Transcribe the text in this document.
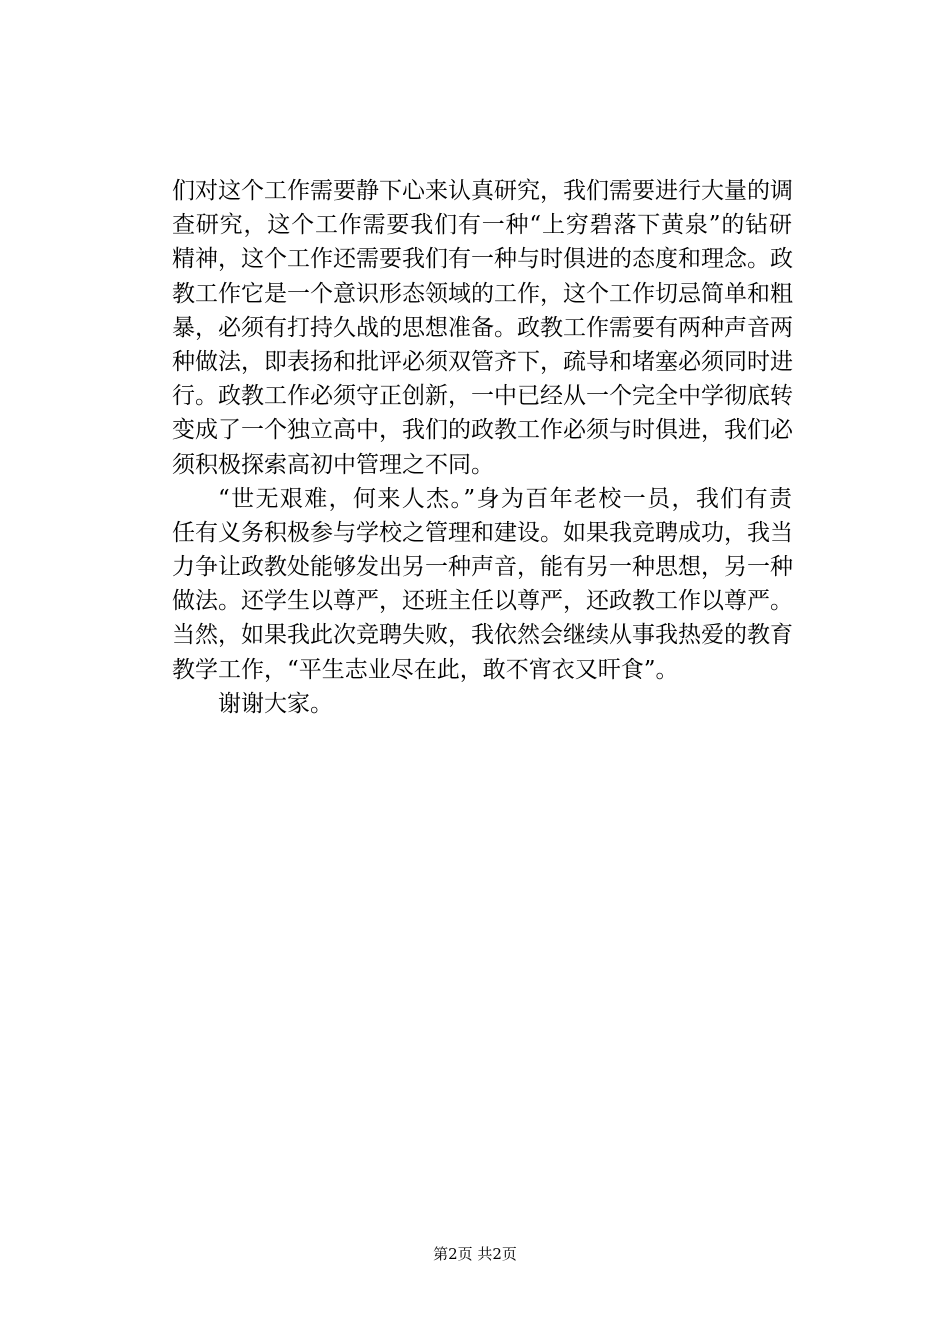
们对这个工作需要静下心来认真研究，我们需要进行大量的调
查研究，这个工作需要我们有一种“上穷碧落下黄泉”的钻研
精神，这个工作还需要我们有一种与时俱进的态度和理念。政
教工作它是一个意识形态领域的工作，这个工作切忌简单和粗
暴，必须有打持久战的思想准备。政教工作需要有两种声音两
种做法，即表扬和批评必须双管齐下，疏导和堵塞必须同时进
行。政教工作必须守正创新，一中已经从一个完全中学彻底转
变成了一个独立高中，我们的政教工作必须与时俱进，我们必
须积极探索高初中管理之不同。
“世无艰难，何来人杰。”身为百年老校一员，我们有责
任有义务积极参与学校之管理和建设。如果我竞聘成功，我当
力争让政教处能够发出另一种声音，能有另一种思想，另一种
做法。还学生以尊严，还班主任以尊严，还政教工作以尊严。
当然，如果我此次竞聘失败，我依然会继续从事我热爱的教育
教学工作，“平生志业尽在此，敢不宵衣又旰食”。
谢谢大家。
第2页 共2页
